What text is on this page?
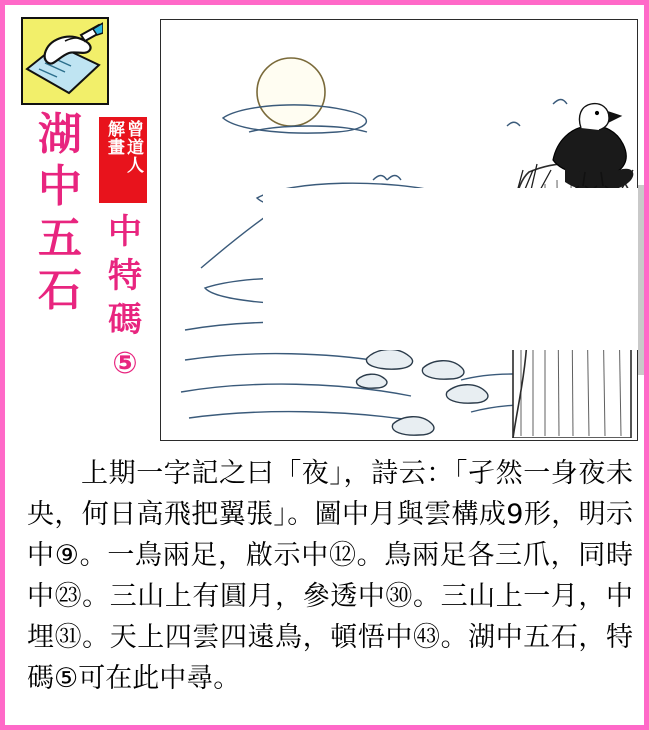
湖
中
五
石
曾道人
解畫
中
特
碼
⑤
上期一字記之曰「夜」，詩云：「孑然一身夜未央，何日高飛把翼張」。圖中月與雲構成9形，明示中⑨。一鳥兩足，啟示中⑫。鳥兩足各三爪，同時中㉓。三山上有圓月，參透中㉚。三山上一月，中埋㉛。天上四雲四遠鳥，頓悟中㊸。湖中五石，特碼⑤可在此中尋。
